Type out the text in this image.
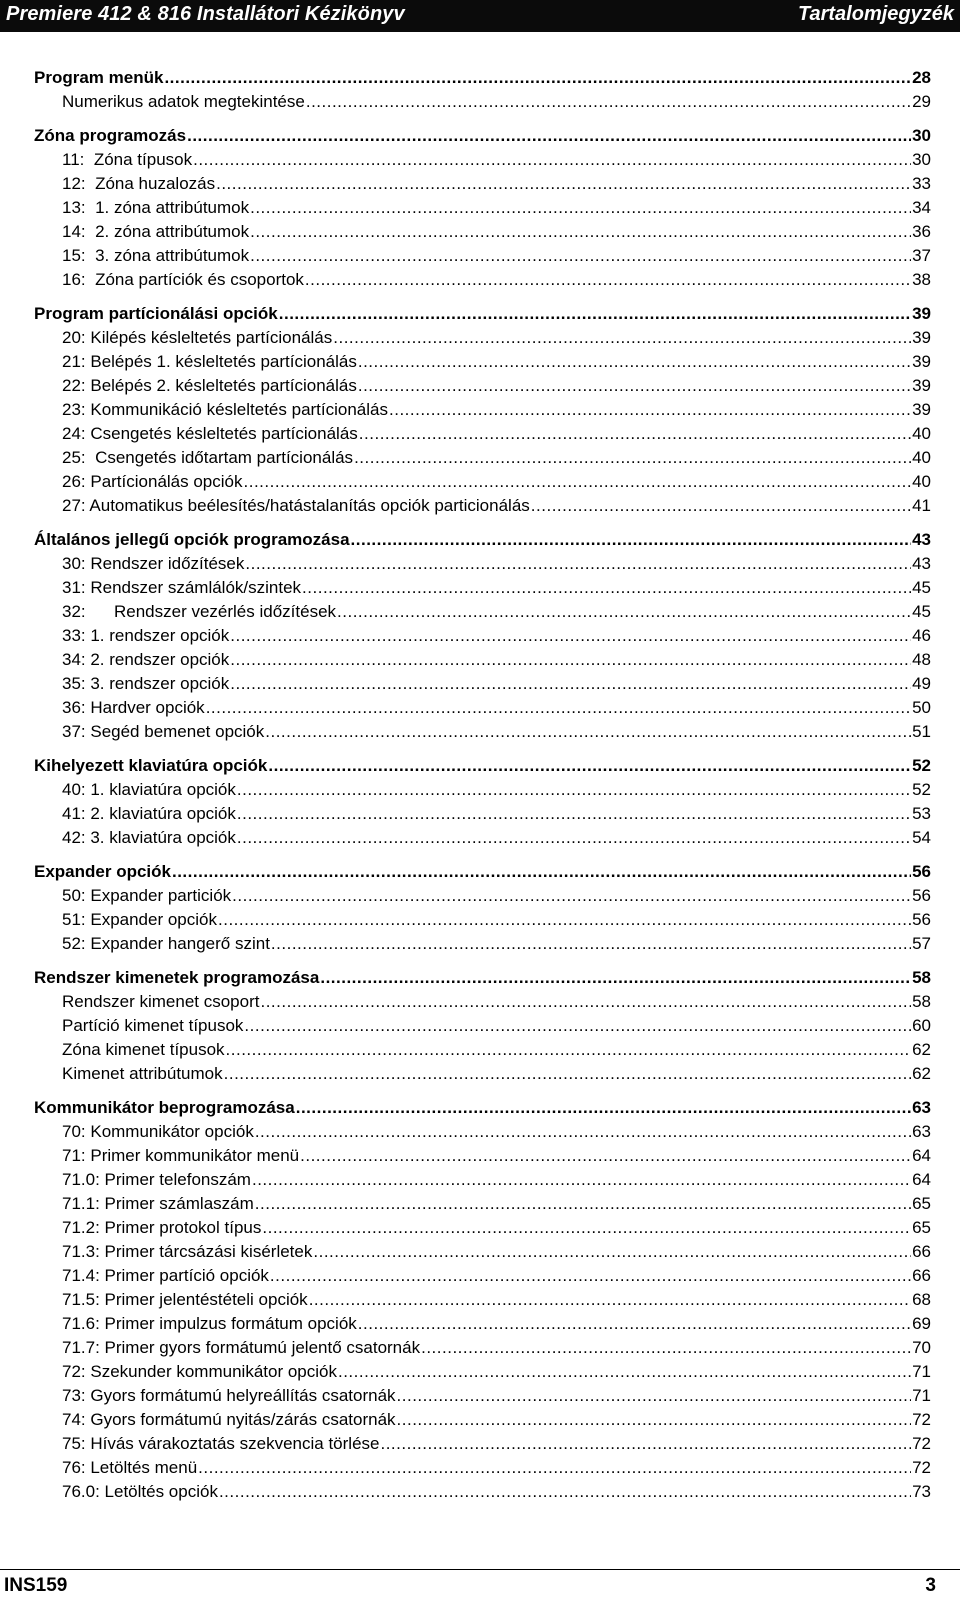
Premiere 412 & 816 Installátori Kézikönyv	Tartalomjegyzék
Program menük .....	28
Numerikus adatok megtekintése .....	29
Zóna programozás .....	30
11:  Zóna típusok .....	30
12:  Zóna huzalozás .....	33
13:  1. zóna attribútumok .....	34
14:  2. zóna attribútumok .....	36
15:  3. zóna attribútumok .....	37
16:  Zóna partíciók és csoportok .....	38
Program partícionálási opciók .....	39
20: Kilépés késleltetés partícionálás .....	39
21: Belépés 1. késleltetés partícionálás .....	39
22: Belépés 2. késleltetés partícionálás .....	39
23: Kommunikáció késleltetés partícionálás .....	39
24: Csengetés késleltetés partícionálás .....	40
25:  Csengetés időtartam partícionálás .....	40
26: Partícionálás opciók .....	40
27: Automatikus beélesítés/hatástalanítás opciók particionálás .....	41
Általános jellegű opciók programozása .....	43
30: Rendszer időzítések .....	43
31: Rendszer számlálók/szintek .....	45
32:      Rendszer vezérlés időzítések .....	45
33: 1. rendszer opciók .....	46
34: 2. rendszer opciók .....	48
35: 3. rendszer opciók .....	49
36: Hardver opciók .....	50
37: Segéd bemenet opciók .....	51
Kihelyezett klaviatúra opciók .....	52
40: 1. klaviatúra opciók .....	52
41: 2. klaviatúra opciók .....	53
42: 3. klaviatúra opciók .....	54
Expander opciók .....	56
50: Expander particiók .....	56
51: Expander opciók .....	56
52: Expander hangerő szint .....	57
Rendszer kimenetek programozása .....	58
Rendszer kimenet csoport .....	58
Partíció kimenet típusok .....	60
Zóna kimenet típusok .....	62
Kimenet attribútumok .....	62
Kommunikátor beprogramozása .....	63
70: Kommunikátor opciók .....	63
71: Primer kommunikátor menü .....	64
71.0: Primer telefonszám .....	64
71.1: Primer számlaszám .....	65
71.2: Primer protokol típus .....	65
71.3: Primer tárcsázási kisérletek .....	66
71.4: Primer partíció opciók .....	66
71.5: Primer jelentéstételi opciók .....	68
71.6: Primer impulzus formátum opciók .....	69
71.7: Primer gyors formátumú jelentő csatornák .....	70
72: Szekunder kommunikátor opciók .....	71
73: Gyors formátumú helyreállítás csatornák .....	71
74: Gyors formátumú nyitás/zárás csatornák .....	72
75: Hívás várakoztatás szekvencia törlése .....	72
76: Letöltés menü .....	72
76.0: Letöltés opciók .....	73
INS159	3
